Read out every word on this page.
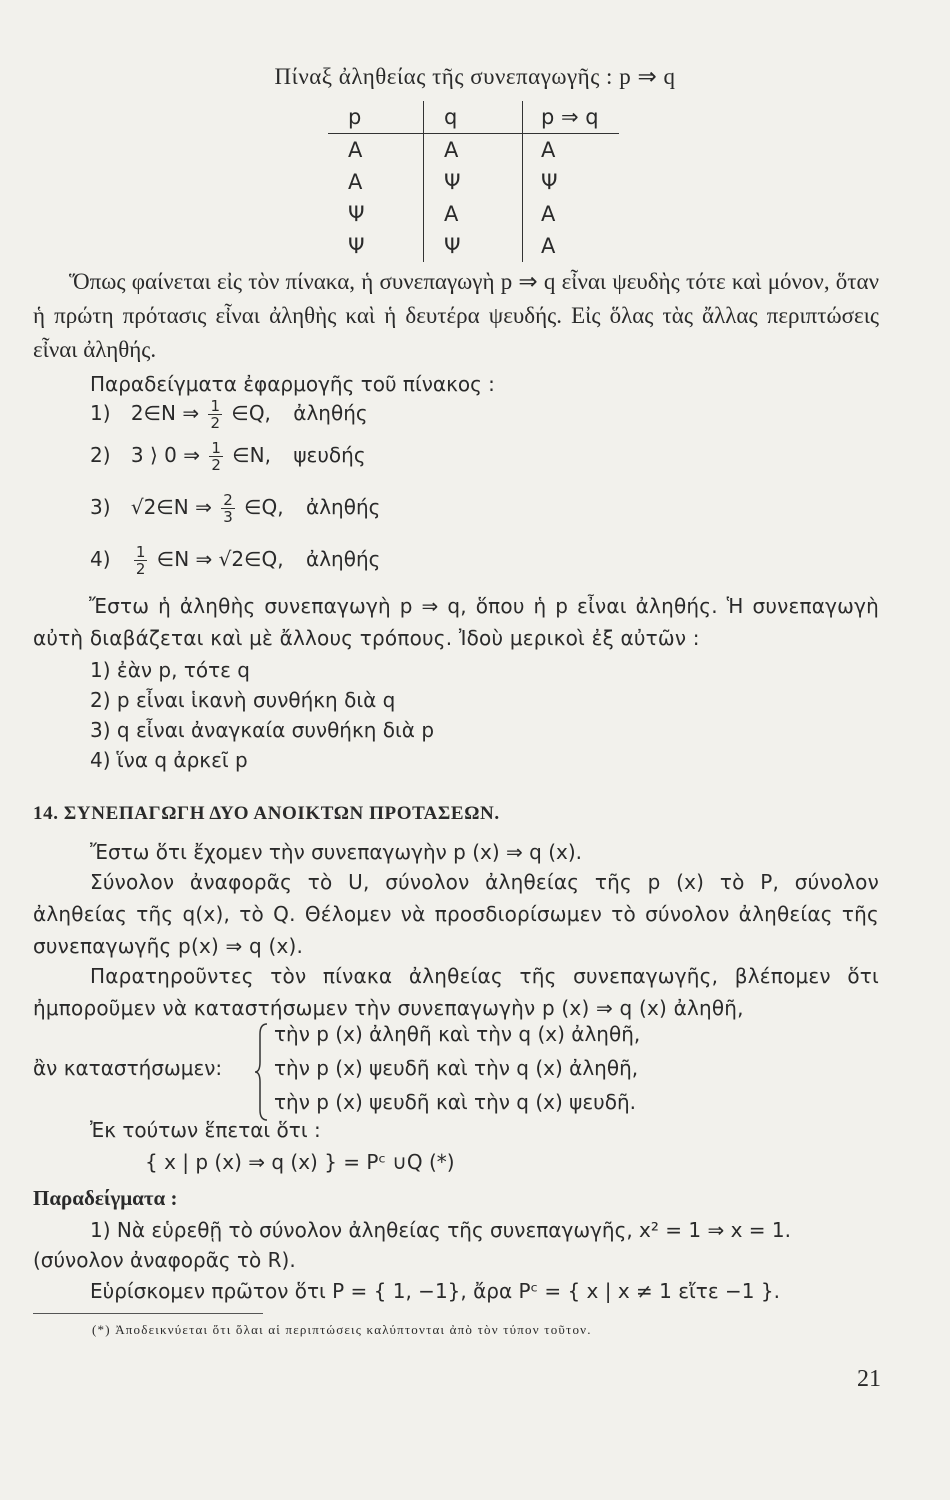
Πίναξ ἀληθείας τῆς συνεπαγωγῆς : p ⇒ q
p	q	p ⇒ q
Α	Α	Α
Α	Ψ	Ψ
Ψ	Α	Α
Ψ	Ψ	Α

Ὅπως φαίνεται εἰς τὸν πίνακα, ἡ συνεπαγωγὴ p ⇒ q εἶναι ψευδὴς τότε καὶ μόνον, ὅταν ἡ πρώτη πρότασις εἶναι ἀληθὴς καὶ ἡ δευτέρα ψευδής. Εἰς ὅλας τὰς ἄλλας περιπτώσεις εἶναι ἀληθής.

Παραδείγματα ἐφαρμογῆς τοῦ πίνακος :
1) 2∈N ⇒ $\frac{1}{2}$ ∈Q, ἀληθής
2) 3 ⟩ 0 ⇒ $\frac{1}{2}$ ∈N, ψευδής
3) √2∈N ⇒ $\frac{2}{3}$ ∈Q, ἀληθής
$4) \frac{1}{2}$ ∈N ⇒ √2∈Q, ἀληθής

Ἔστω ἡ ἀληθὴς συνεπαγωγὴ p ⇒ q, ὅπου ἡ p εἶναι ἀληθής. Ἡ συνεπαγωγὴ αὐτὴ διαβάζεται καὶ μὲ ἄλλους τρόπους. Ἰδοὺ μερικοὶ ἐξ αὐτῶν :

1) ἐὰν p, τότε q
2) p εἶναι ἱκανὴ συνθήκη διὰ q
3) q εἶναι ἀναγκαία συνθήκη διὰ p
4) ἵνα q ἀρκεῖ p
14. ΣΥΝΕΠΑΓΩΓΗ ΔΥΟ ΑΝΟΙΚΤΩΝ ΠΡΟΤΑΣΕΩΝ.
Ἔστω ὅτι ἔχομεν τὴν συνεπαγωγὴν p (x) ⇒ q (x).

Σύνολον ἀναφορᾶς τὸ U, σύνολον ἀληθείας τῆς p (x) τὸ P, σύνολον ἀληθείας τῆς q(x), τὸ Q. Θέλομεν νὰ προσδιορίσωμεν τὸ σύνολον ἀληθείας τῆς συνεπαγωγῆς p(x) ⇒ q (x).

Παρατηροῦντες τὸν πίνακα ἀληθείας τῆς συνεπαγωγῆς, βλέπομεν ὅτι ἠμποροῦμεν νὰ καταστήσωμεν τὴν συνεπαγωγὴν p (x) ⇒ q (x) ἀληθῆ,

ἂν καταστήσωμεν:
τὴν p (x) ἀληθῆ καὶ τὴν q (x) ἀληθῆ,
τὴν p (x) ψευδῆ καὶ τὴν q (x) ἀληθῆ,
τὴν p (x) ψευδῆ καὶ τὴν q (x) ψευδῆ.
Ἐκ τούτων ἕπεται ὅτι :
{ x | p (x) ⇒ q (x) } = Pᶜ ∪Q (*)
Παραδείγματα :
1) Νὰ εὑρεθῇ τὸ σύνολον ἀληθείας τῆς συνεπαγωγῆς, x² = 1 ⇒ x = 1.
(σύνολον ἀναφορᾶς τὸ R).
Εὑρίσκομεν πρῶτον ὅτι P = { 1, −1}, ἄρα Pᶜ = { x | x ≠ 1 εἴτε −1 }.
(*) Ἀποδεικνύεται ὅτι ὅλαι αἱ περιπτώσεις καλύπτονται ἀπὸ τὸν τύπον τοῦτον.
21
